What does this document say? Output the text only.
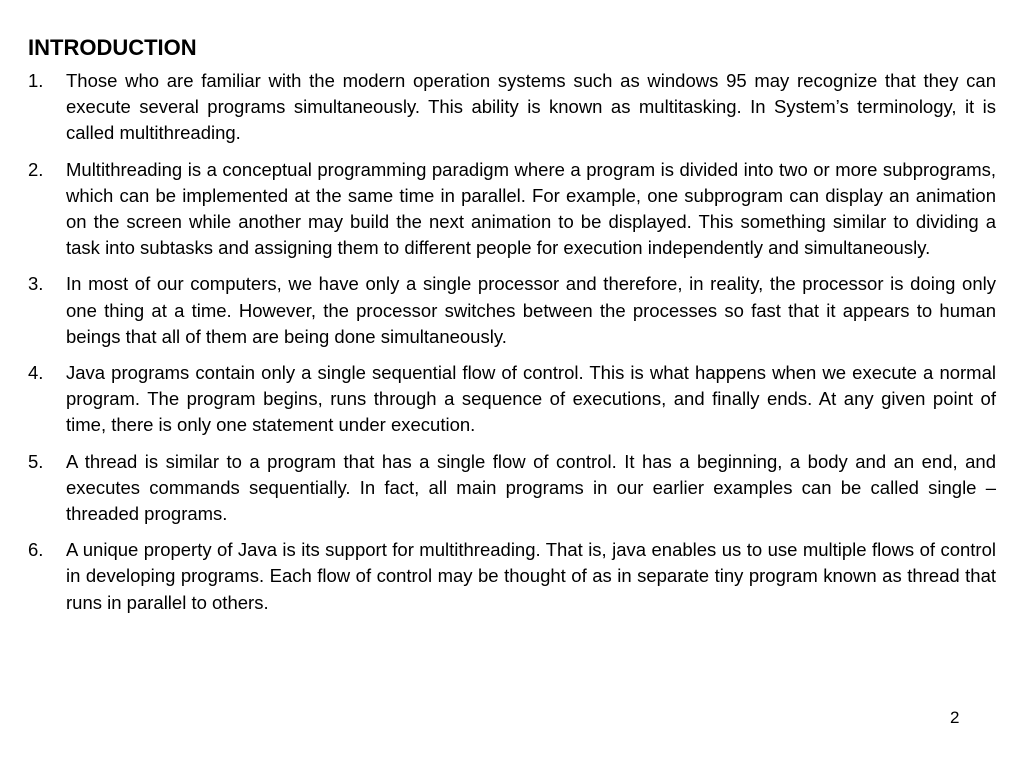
INTRODUCTION
1.	Those who are familiar with the modern operation systems such as windows 95 may recognize that they can execute several programs simultaneously. This ability is known as multitasking. In System’s terminology, it is called multithreading.
2.	Multithreading is a conceptual programming paradigm where a program is divided into two or more subprograms, which can be implemented at the same time in parallel. For example, one subprogram can display an animation on the screen while another may build the next animation to be displayed. This something similar to dividing a task into subtasks and assigning them to different people for execution independently and simultaneously.
3.	In most of our computers, we have only a single processor and therefore, in reality, the processor is doing only one thing at a time. However, the processor switches between the processes so fast that it appears to human beings that all of them are being done simultaneously.
4.	Java programs contain only a single sequential flow of control. This is what happens when we execute a normal program. The program begins, runs through a sequence of executions, and finally ends. At any given point of time, there is only one statement under execution.
5.	A thread is similar to a program that has a single flow of control. It has a beginning, a body and an end, and executes commands sequentially. In fact, all main programs in our earlier examples can be called single – threaded programs.
6.	A unique property of Java is its support for multithreading. That is, java enables us to use multiple flows of control in developing programs. Each flow of control may be thought of as in separate tiny program known as thread that runs in parallel to others.
2
